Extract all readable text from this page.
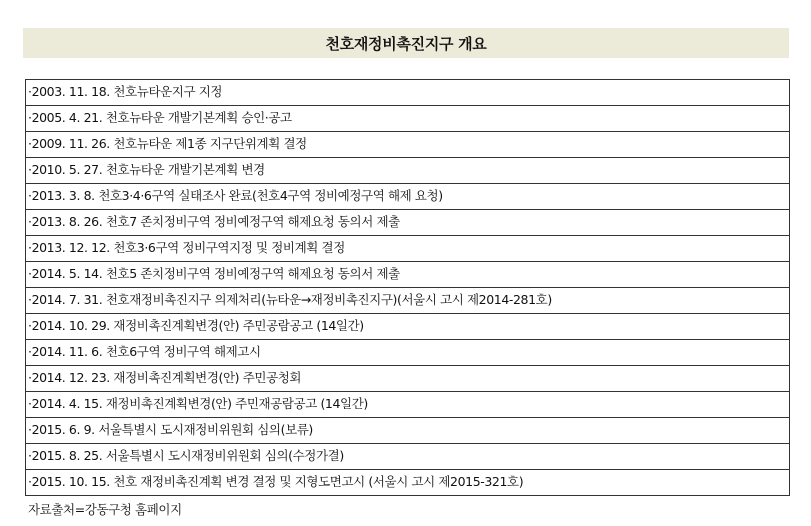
천호재정비촉진지구 개요
·2003. 11. 18. 천호뉴타운지구 지정
·2005. 4. 21. 천호뉴타운 개발기본계획 승인·공고
·2009. 11. 26. 천호뉴타운 제1종 지구단위계획 결정
·2010. 5. 27. 천호뉴타운 개발기본계획 변경
·2013. 3. 8. 천호3·4·6구역 실태조사 완료(천호4구역 정비예정구역 해제 요청)
·2013. 8. 26. 천호7 존치정비구역 정비예정구역 해제요청 동의서 제출
·2013. 12. 12. 천호3·6구역 정비구역지정 및 정비계획 결정
·2014. 5. 14. 천호5 존치정비구역 정비예정구역 해제요청 동의서 제출
·2014. 7. 31. 천호재정비촉진지구 의제처리(뉴타운→재정비촉진지구)(서울시 고시 제2014-281호)
·2014. 10. 29. 재정비촉진계획변경(안) 주민공람공고 (14일간)
·2014. 11. 6. 천호6구역 정비구역 해제고시
·2014. 12. 23. 재정비촉진계획변경(안) 주민공청회
·2014. 4. 15. 재정비촉진계획변경(안) 주민재공람공고 (14일간)
·2015. 6. 9. 서울특별시 도시재정비위원회 심의(보류)
·2015. 8. 25. 서울특별시 도시재정비위원회 심의(수정가결)
·2015. 10. 15. 천호 재정비촉진계획 변경 결정 및 지형도면고시 (서울시 고시 제2015-321호)
자료출처=강동구청 홈페이지
